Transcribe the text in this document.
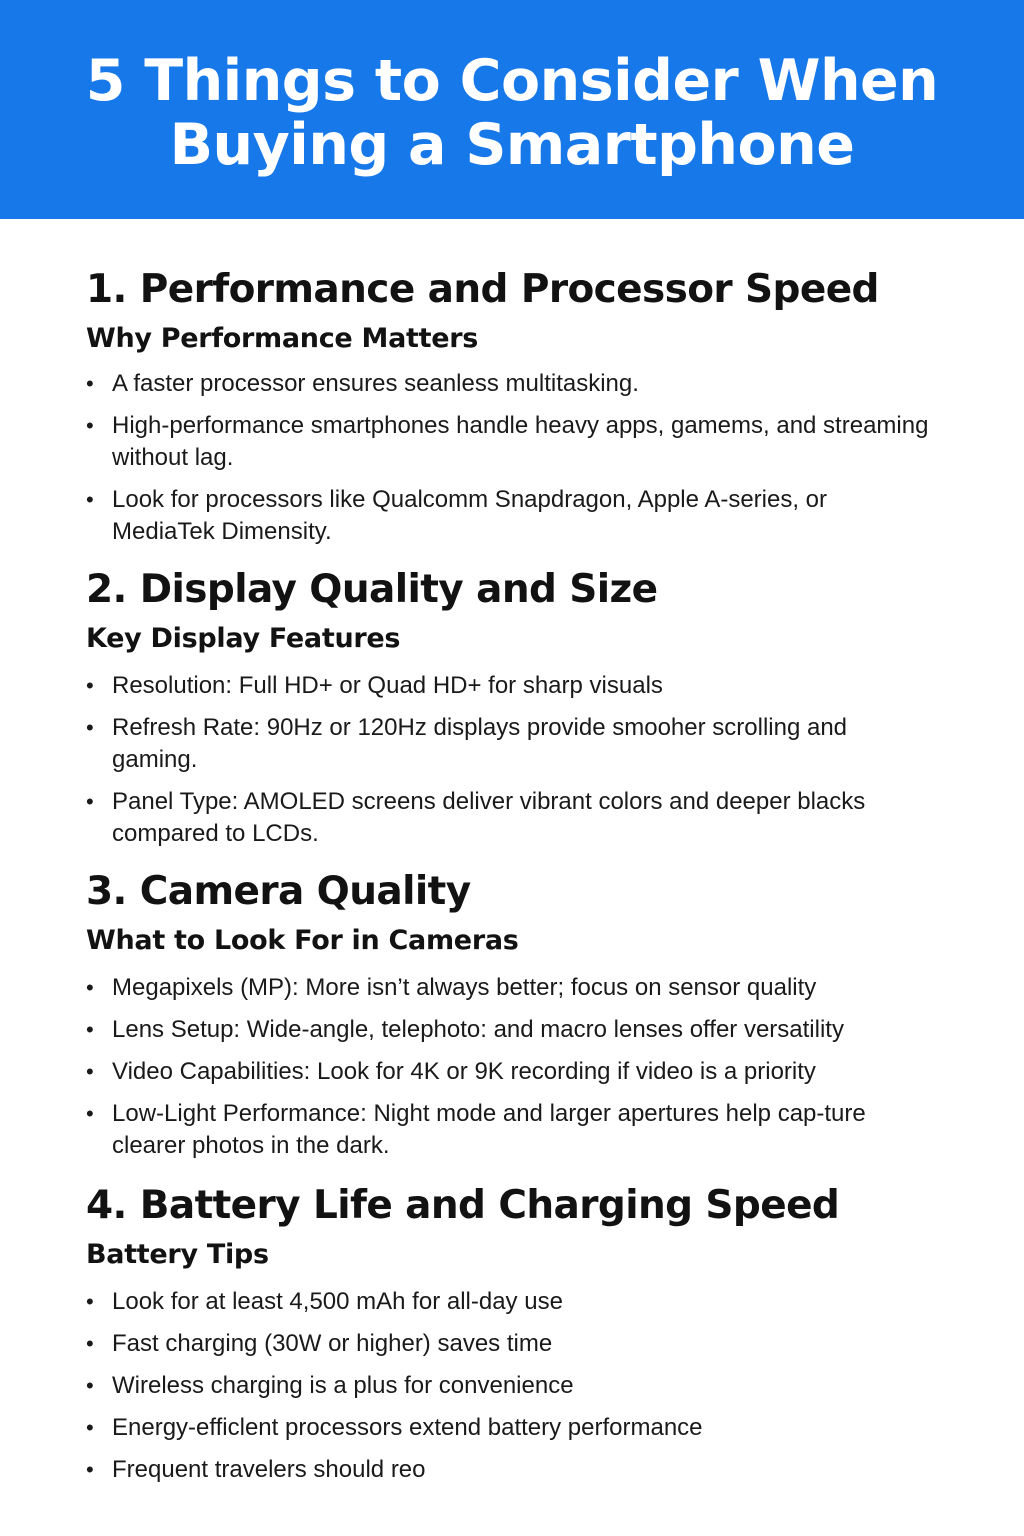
5 Things to Consider When
Buying a Smartphone
1. Performance and Processor Speed
Why Performance Matters
• A faster processor ensures seanless multitasking.
• High-performance smartphones handle heavy apps, gamems, and streaming without lag.
• Look for processors like Qualcomm Snapdragon, Apple A-series, or MediaTek Dimensity.
2. Display Quality and Size
Key Display Features
• Resolution: Full HD+ or Quad HD+ for sharp visuals
• Refresh Rate: 90Hz or 120Hz displays provide smooher scrolling and gaming.
• Panel Type: AMOLED screens deliver vibrant colors and deeper blacks compared to LCDs.
3. Camera Quality
What to Look For in Cameras
• Megapixels (MP): More isn’t always better; focus on sensor quality
• Lens Setup: Wide-angle, telephoto: and macro lenses offer versatility
• Video Capabilities: Look for 4K or 9K recording if video is a priority
• Low-Light Performance: Night mode and larger apertures help cap-ture clearer photos in the dark.
4. Battery Life and Charging Speed
Battery Tips
• Look for at least 4,500 mAh for all-day use
• Fast charging (30W or higher) saves time
• Wireless charging is a plus for convenience
• Energy-efficlent processors extend battery performance
• Frequent travelers should reo
